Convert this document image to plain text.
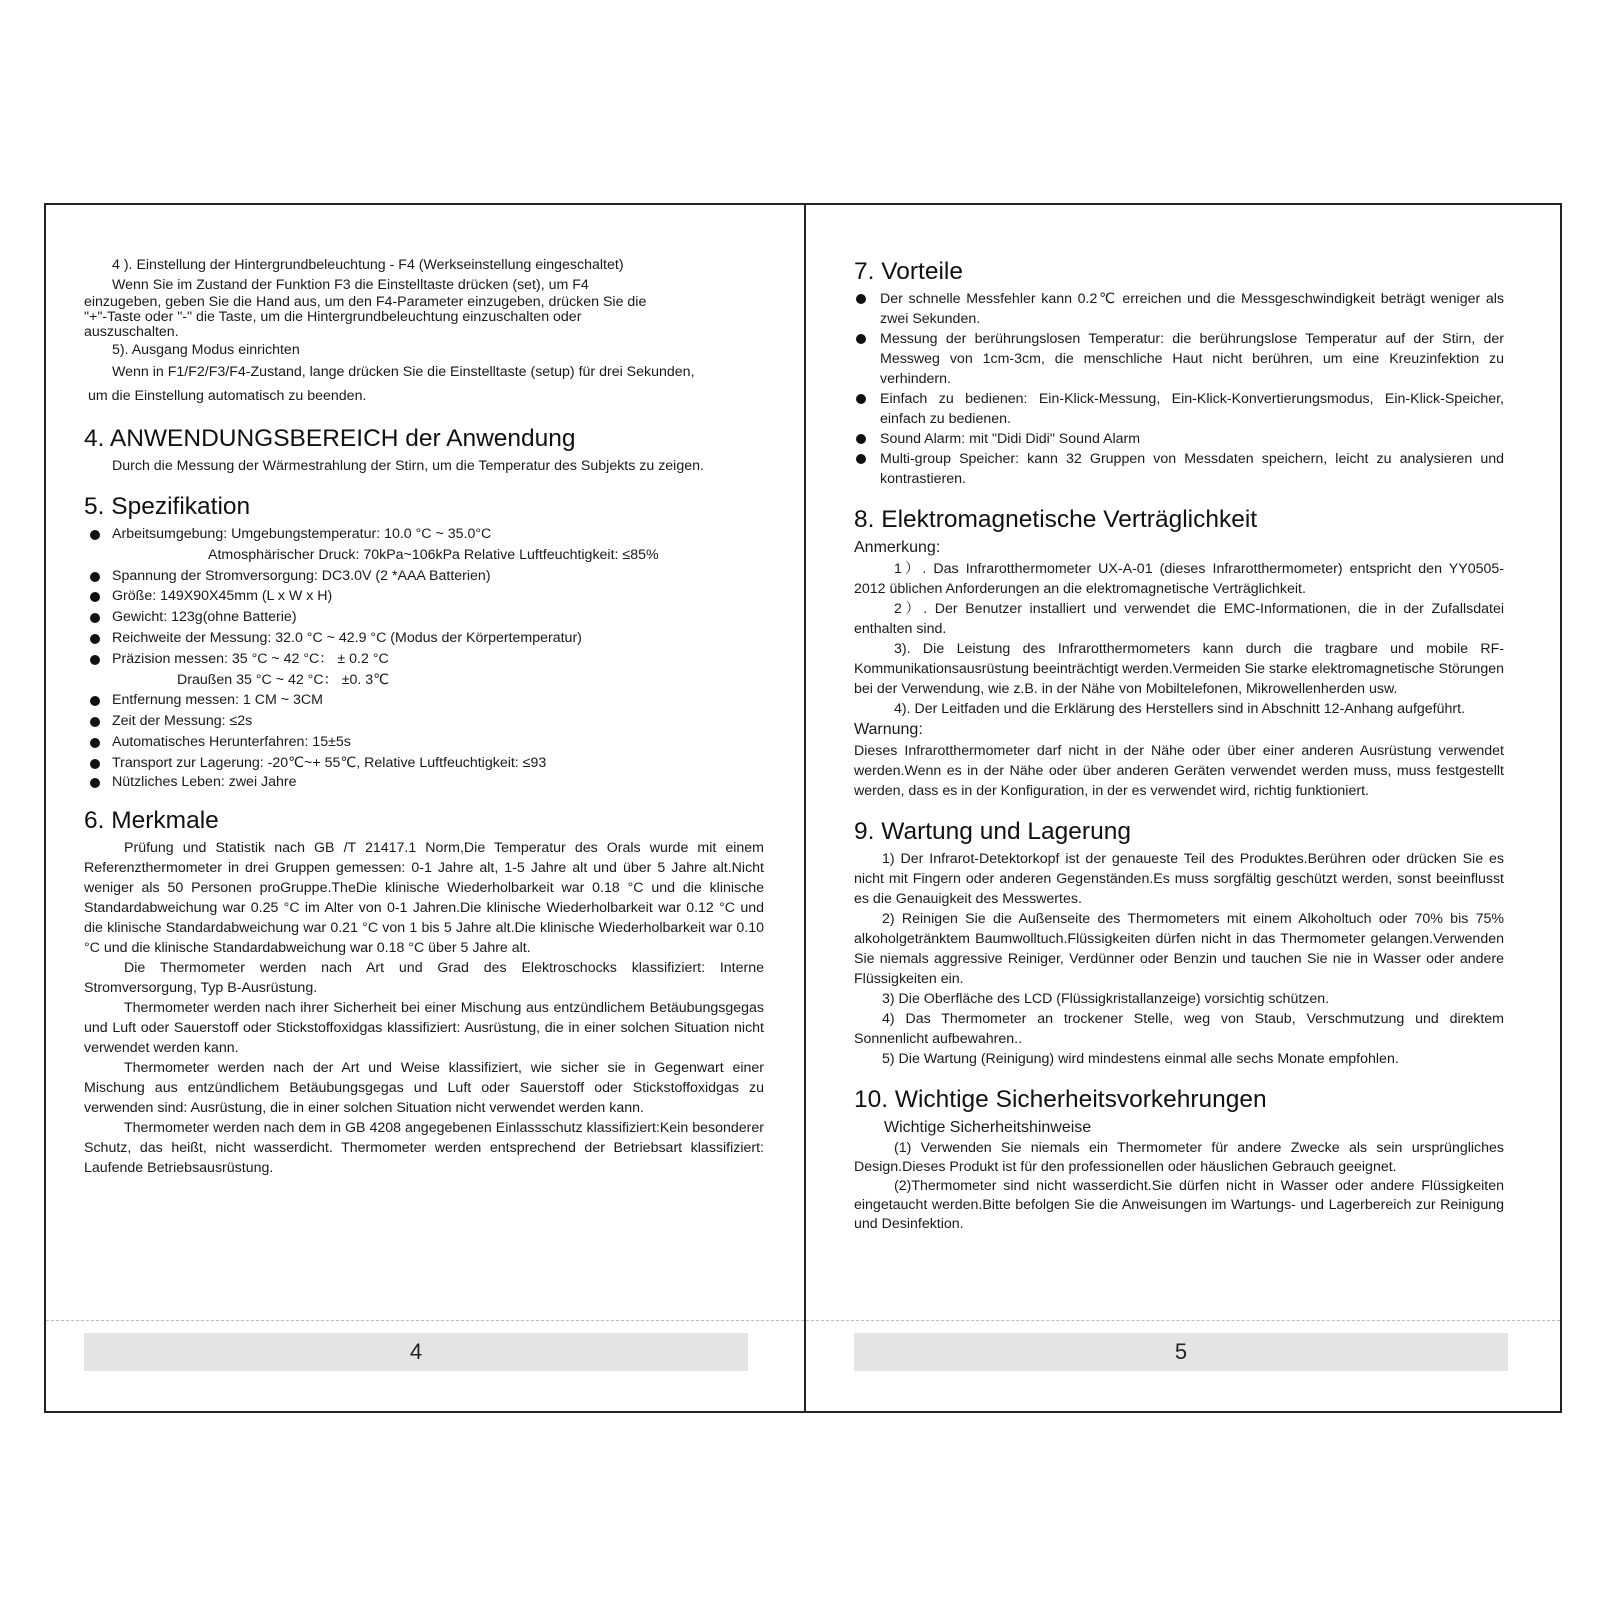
4 ). Einstellung der Hintergrundbeleuchtung - F4 (Werkseinstellung eingeschaltet)

Wenn Sie im Zustand der Funktion F3 die Einstelltaste drücken (set), um F4

einzugeben, geben Sie die Hand aus, um den F4-Parameter einzugeben, drücken Sie die

"+"-Taste oder "-" die Taste, um die Hintergrundbeleuchtung einzuschalten oder

auszuschalten.

5). Ausgang Modus einrichten

Wenn in F1/F2/F3/F4-Zustand, lange drücken Sie die Einstelltaste (setup) für drei Sekunden,

um die Einstellung automatisch zu beenden.

4. ANWENDUNGSBEREICH der Anwendung

Durch die Messung der Wärmestrahlung der Stirn, um die Temperatur des Subjekts zu zeigen.

5. Spezifikation
Arbeitsumgebung: Umgebungstemperatur: 10.0 °C ~ 35.0°C
Atmosphärischer Druck: 70kPa~106kPa Relative Luftfeuchtigkeit: ≤85%
Spannung der Stromversorgung: DC3.0V (2 *AAA Batterien)
Größe: 149X90X45mm (L x W x H)
Gewicht: 123g(ohne Batterie)
Reichweite der Messung: 32.0 °C ~ 42.9 °C (Modus der Körpertemperatur)
Präzision messen: 35 °C ~ 42 °C： ± 0.2 °C
Draußen 35 °C ~ 42 °C： ±0. 3℃
Entfernung messen: 1 CM ~ 3CM
Zeit der Messung: ≤2s
Automatisches Herunterfahren: 15±5s
Transport zur Lagerung: -20℃~+ 55℃, Relative Luftfeuchtigkeit: ≤93
Nützliches Leben: zwei Jahre
6. Merkmale

Prüfung und Statistik nach GB /T 21417.1 Norm,Die Temperatur des Orals wurde mit einem Referenzthermometer in drei Gruppen gemessen: 0-1 Jahre alt, 1-5 Jahre alt und über 5 Jahre alt.Nicht weniger als 50 Personen proGruppe.TheDie klinische Wiederholbarkeit war 0.18 °C und die klinische Standardabweichung war 0.25 °C im Alter von 0-1 Jahren.Die klinische Wiederholbarkeit war 0.12 °C und die klinische Standardabweichung war 0.21 °C von 1 bis 5 Jahre alt.Die klinische Wiederholbarkeit war 0.10 °C und die klinische Standardabweichung war 0.18 °C über 5 Jahre alt.

Die Thermometer werden nach Art und Grad des Elektroschocks klassifiziert: Interne Stromversorgung, Typ B-Ausrüstung.

Thermometer werden nach ihrer Sicherheit bei einer Mischung aus entzündlichem Betäubungsgegas und Luft oder Sauerstoff oder Stickstoffoxidgas klassifiziert: Ausrüstung, die in einer solchen Situation nicht verwendet werden kann.

Thermometer werden nach der Art und Weise klassifiziert, wie sicher sie in Gegenwart einer Mischung aus entzündlichem Betäubungsgegas und Luft oder Sauerstoff oder Stickstoffoxidgas zu verwenden sind: Ausrüstung, die in einer solchen Situation nicht verwendet werden kann.

Thermometer werden nach dem in GB 4208 angegebenen Einlassschutz klassifiziert:Kein besonderer Schutz, das heißt, nicht wasserdicht. Thermometer werden entsprechend der Betriebsart klassifiziert: Laufende Betriebsausrüstung.

4
7. Vorteile

Der schnelle Messfehler kann 0.2℃ erreichen und die Messgeschwindigkeit beträgt weniger als zwei Sekunden.

Messung der berührungslosen Temperatur: die berührungslose Temperatur auf der Stirn, der Messweg von 1cm-3cm, die menschliche Haut nicht berühren, um eine Kreuzinfektion zu verhindern.

Einfach zu bedienen: Ein-Klick-Messung, Ein-Klick-Konvertierungsmodus, Ein-Klick-Speicher, einfach zu bedienen.

Sound Alarm: mit "Didi Didi" Sound Alarm

Multi-group Speicher: kann 32 Gruppen von Messdaten speichern, leicht zu analysieren und kontrastieren.

8. Elektromagnetische Verträglichkeit

Anmerkung:

1）. Das Infrarotthermometer UX-A-01 (dieses Infrarotthermometer) entspricht den YY0505-2012 üblichen Anforderungen an die elektromagnetische Verträglichkeit.

2）. Der Benutzer installiert und verwendet die EMC-Informationen, die in der Zufallsdatei enthalten sind.

3). Die Leistung des Infrarotthermometers kann durch die tragbare und mobile RF-Kommunikationsausrüstung beeinträchtigt werden.Vermeiden Sie starke elektromagnetische Störungen bei der Verwendung, wie z.B. in der Nähe von Mobiltelefonen, Mikrowellenherden usw.

4). Der Leitfaden und die Erklärung des Herstellers sind in Abschnitt 12-Anhang aufgeführt.

Warnung:

Dieses Infrarotthermometer darf nicht in der Nähe oder über einer anderen Ausrüstung verwendet werden.Wenn es in der Nähe oder über anderen Geräten verwendet werden muss, muss festgestellt werden, dass es in der Konfiguration, in der es verwendet wird, richtig funktioniert.

9. Wartung und Lagerung

1) Der Infrarot-Detektorkopf ist der genaueste Teil des Produktes.Berühren oder drücken Sie es nicht mit Fingern oder anderen Gegenständen.Es muss sorgfältig geschützt werden, sonst beeinflusst es die Genauigkeit des Messwertes.

2) Reinigen Sie die Außenseite des Thermometers mit einem Alkoholtuch oder 70% bis 75% alkoholgetränktem Baumwolltuch.Flüssigkeiten dürfen nicht in das Thermometer gelangen.Verwenden Sie niemals aggressive Reiniger, Verdünner oder Benzin und tauchen Sie nie in Wasser oder andere Flüssigkeiten ein.

3) Die Oberfläche des LCD (Flüssigkristallanzeige) vorsichtig schützen.

4) Das Thermometer an trockener Stelle, weg von Staub, Verschmutzung und direktem Sonnenlicht aufbewahren..

5) Die Wartung (Reinigung) wird mindestens einmal alle sechs Monate empfohlen.

10. Wichtige Sicherheitsvorkehrungen

Wichtige Sicherheitshinweise

(1) Verwenden Sie niemals ein Thermometer für andere Zwecke als sein ursprüngliches Design.Dieses Produkt ist für den professionellen oder häuslichen Gebrauch geeignet.

(2)Thermometer sind nicht wasserdicht.Sie dürfen nicht in Wasser oder andere Flüssigkeiten eingetaucht werden.Bitte befolgen Sie die Anweisungen im Wartungs- und Lagerbereich zur Reinigung und Desinfektion.

5
